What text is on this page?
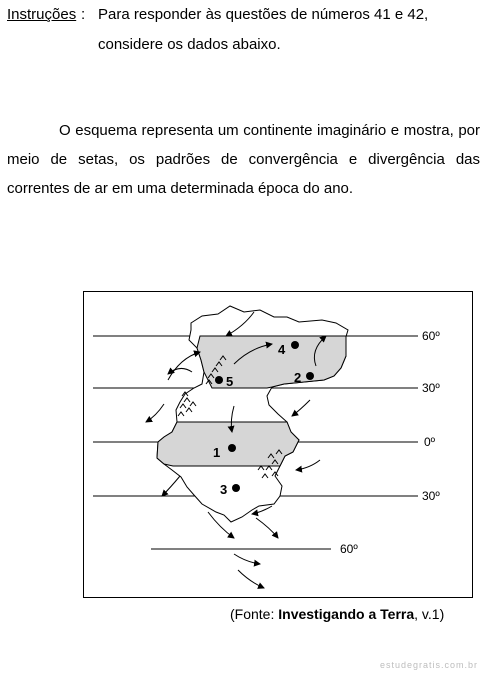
Instruções : Para responder às questões de números 41 e 42,
considere os dados abaixo.
O esquema representa um continente imaginário e mostra, por meio de setas, os padrões de convergência e divergência das correntes de ar em uma determinada época do ano.
4
2
5
1
3
60º
30º
0º
30º
60º
(Fonte: Investigando a Terra, v.1)
estudegratis.com.br
